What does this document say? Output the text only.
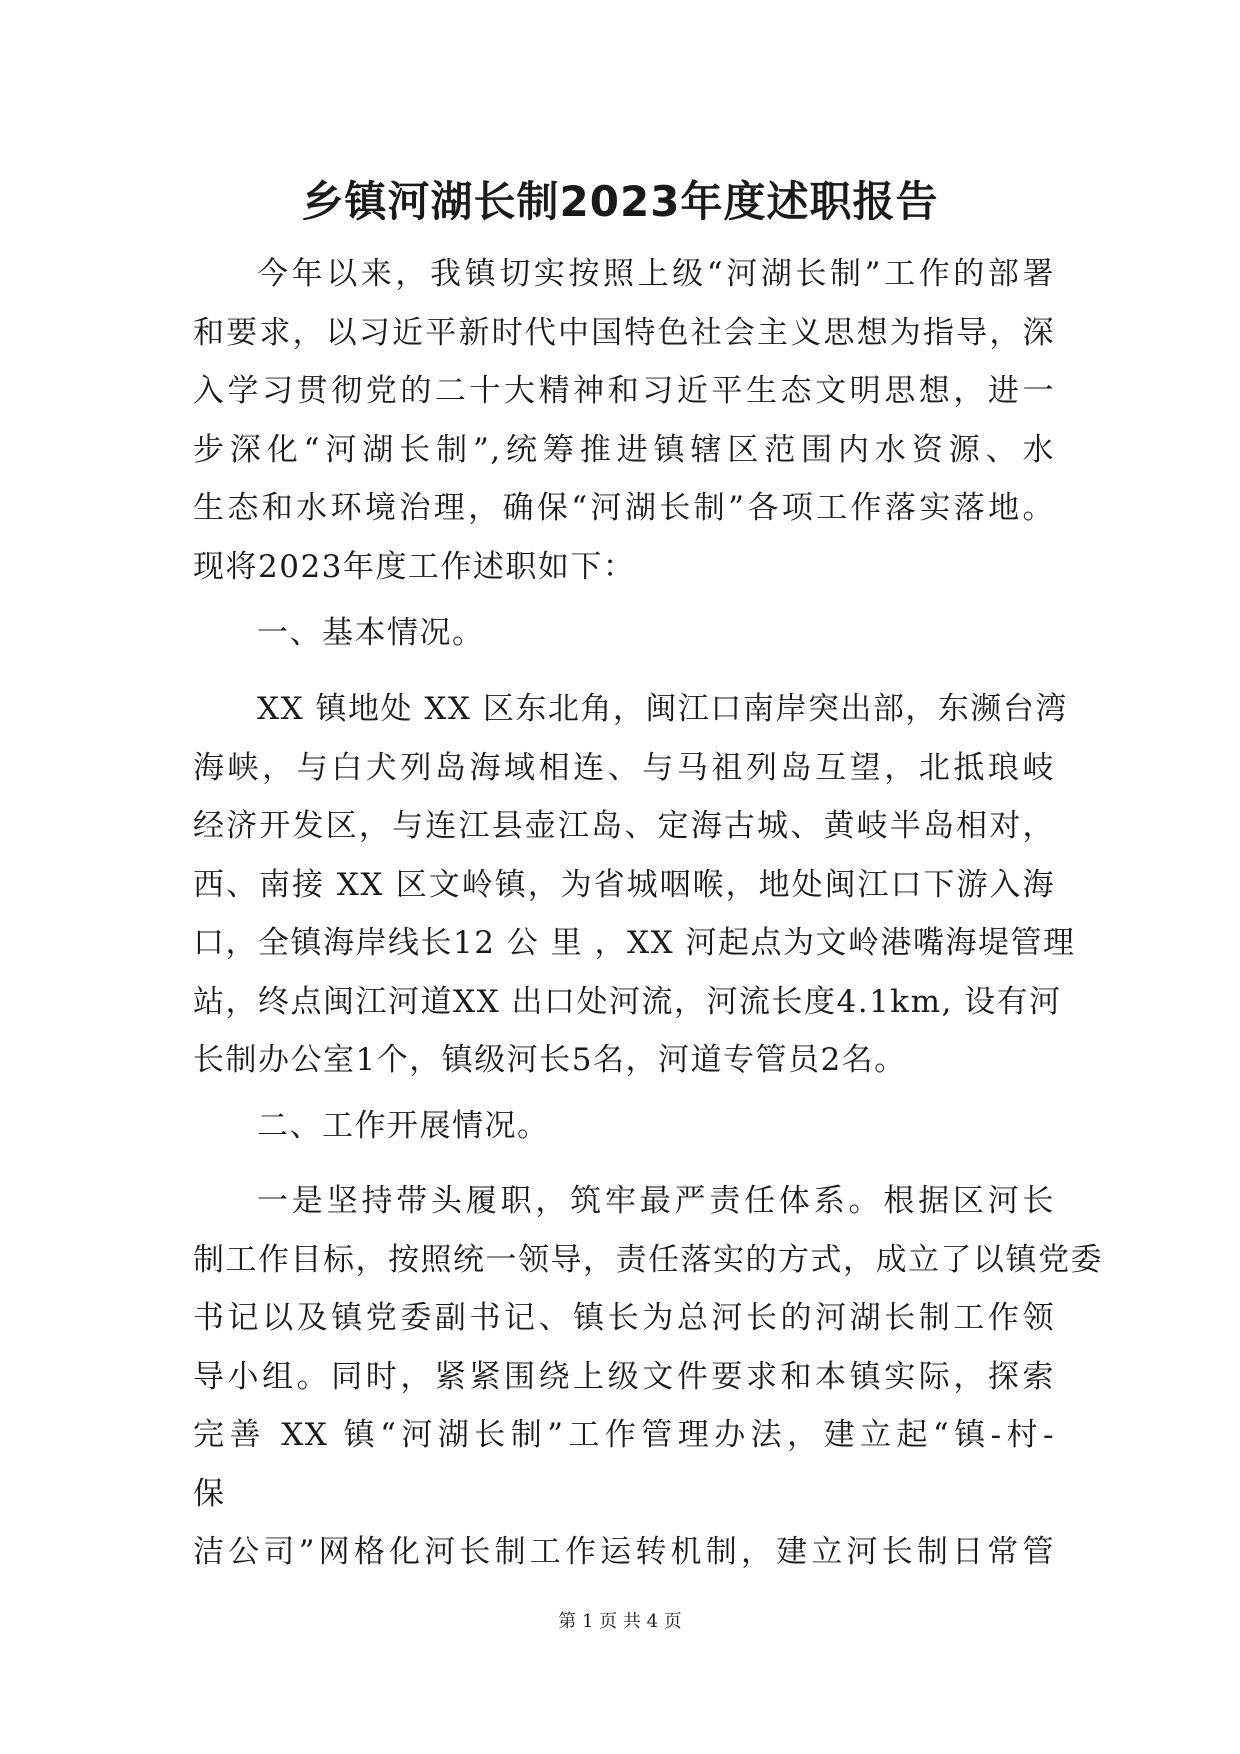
乡镇河湖长制2023年度述职报告
今年以来，我镇切实按照上级“河湖长制”工作的部署
和要求，以习近平新时代中国特色社会主义思想为指导，深
入学习贯彻党的二十大精神和习近平生态文明思想，进一
步深化“河湖长制”,统筹推进镇辖区范围内水资源、水
生态和水环境治理，确保“河湖长制”各项工作落实落地。
现将2023年度工作述职如下：
一、基本情况。
XX 镇地处 XX 区东北角，闽江口南岸突出部，东濒台湾
海峡，与白犬列岛海域相连、与马祖列岛互望，北抵琅岐
经济开发区，与连江县壶江岛、定海古城、黄岐半岛相对，
西、南接 XX 区文岭镇，为省城咽喉，地处闽江口下游入海
口，全镇海岸线长12 公 里 ，XX 河起点为文岭港嘴海堤管理
站，终点闽江河道XX 出口处河流，河流长度4.1km, 设有河
长制办公室1个，镇级河长5名，河道专管员2名。
二、工作开展情况。
一是坚持带头履职，筑牢最严责任体系。根据区河长
制工作目标，按照统一领导，责任落实的方式，成立了以镇党委
书记以及镇党委副书记、镇长为总河长的河湖长制工作领
导小组。同时，紧紧围绕上级文件要求和本镇实际，探索
完善 XX 镇“河湖长制”工作管理办法，建立起“镇-村-
保
洁公司”网格化河长制工作运转机制，建立河长制日常管
第 1 页 共 4 页
